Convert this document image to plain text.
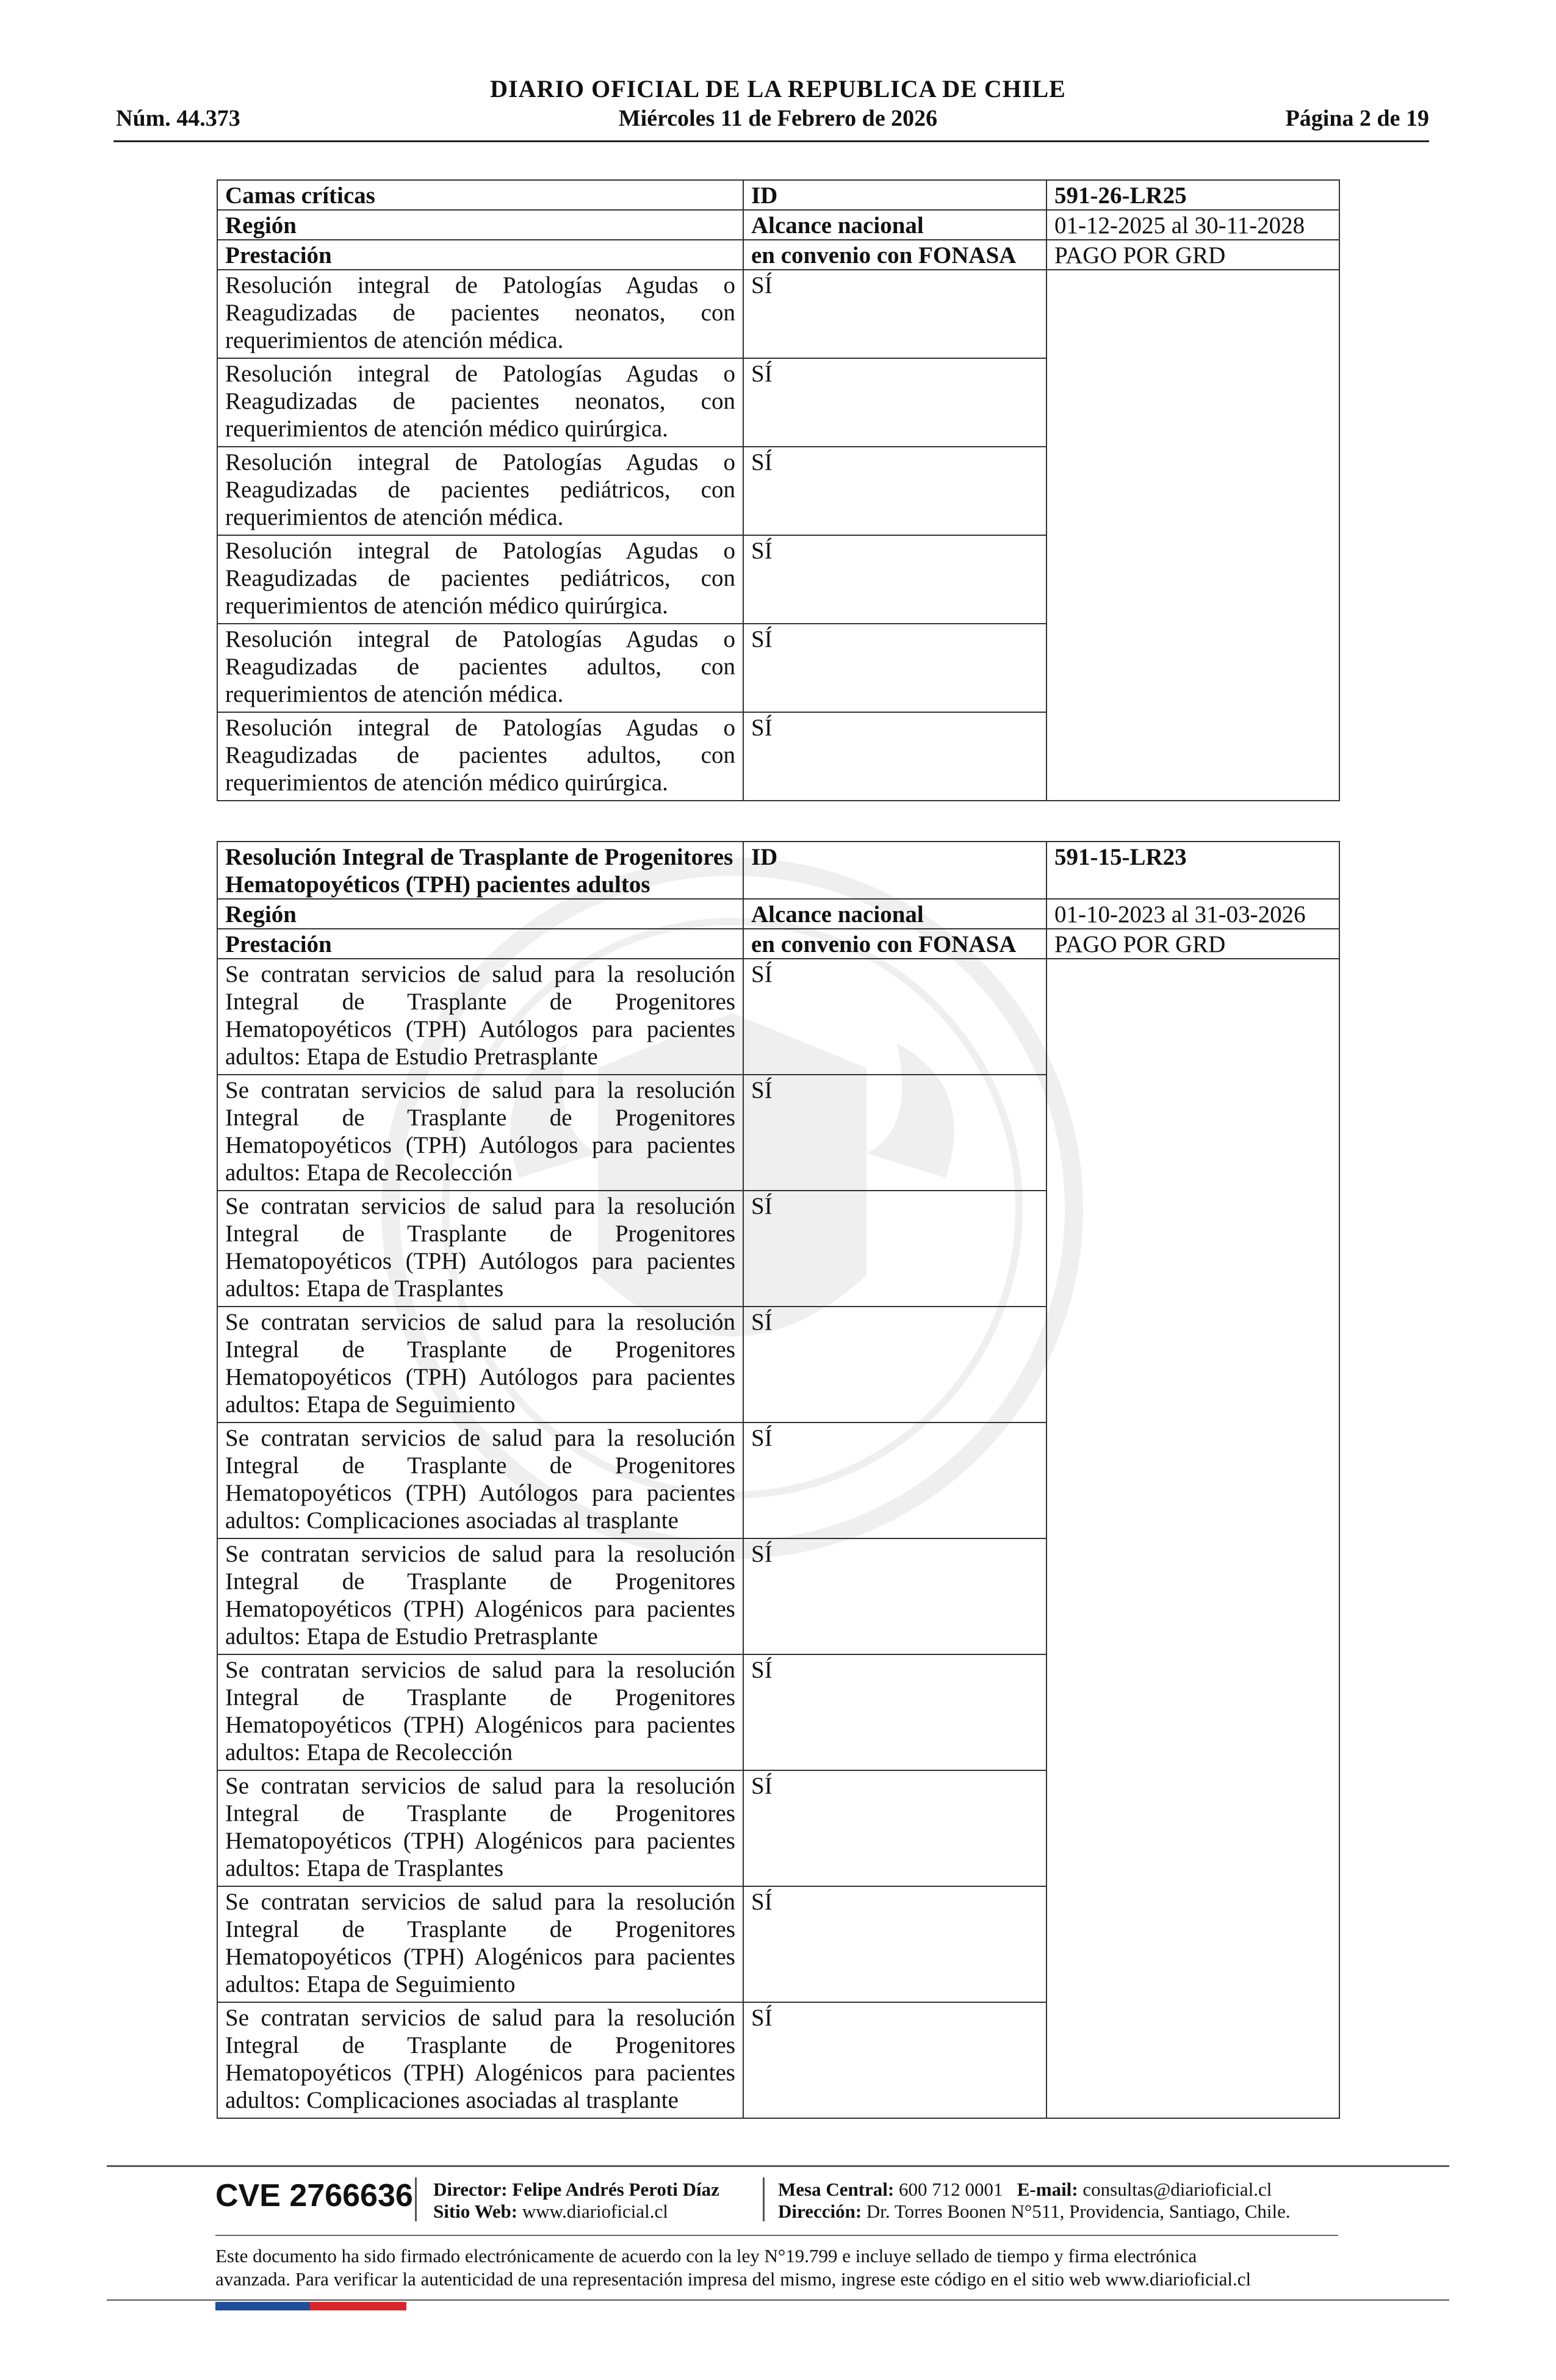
DIARIO OFICIAL DE LA REPUBLICA DE CHILE
Núm. 44.373	Miércoles 11 de Febrero de 2026	Página 2 de 19
Camas críticas	ID	591-26-LR25
Región	Alcance nacional	01-12-2025 al 30-11-2028
Prestación	en convenio con FONASA	PAGO POR GRD
Resolución integral de Patologías Agudas o Reagudizadas de pacientes neonatos, con requerimientos de atención médica.	SÍ	
Resolución integral de Patologías Agudas o Reagudizadas de pacientes neonatos, con requerimientos de atención médico quirúrgica.	SÍ	
Resolución integral de Patologías Agudas o Reagudizadas de pacientes pediátricos, con requerimientos de atención médica.	SÍ	
Resolución integral de Patologías Agudas o Reagudizadas de pacientes pediátricos, con requerimientos de atención médico quirúrgica.	SÍ	
Resolución integral de Patologías Agudas o Reagudizadas de pacientes adultos, con requerimientos de atención médica.	SÍ	
Resolución integral de Patologías Agudas o Reagudizadas de pacientes adultos, con requerimientos de atención médico quirúrgica.	SÍ	
Resolución Integral de Trasplante de Progenitores Hematopoyéticos (TPH) pacientes adultos	ID	591-15-LR23
Región	Alcance nacional	01-10-2023 al 31-03-2026
Prestación	en convenio con FONASA	PAGO POR GRD
Se contratan servicios de salud para la resolución Integral de Trasplante de Progenitores Hematopoyéticos (TPH) Autólogos para pacientes adultos: Etapa de Estudio Pretrasplante	SÍ	
Se contratan servicios de salud para la resolución Integral de Trasplante de Progenitores Hematopoyéticos (TPH) Autólogos para pacientes adultos: Etapa de Recolección	SÍ	
Se contratan servicios de salud para la resolución Integral de Trasplante de Progenitores Hematopoyéticos (TPH) Autólogos para pacientes adultos: Etapa de Trasplantes	SÍ	
Se contratan servicios de salud para la resolución Integral de Trasplante de Progenitores Hematopoyéticos (TPH) Autólogos para pacientes adultos: Etapa de Seguimiento	SÍ	
Se contratan servicios de salud para la resolución Integral de Trasplante de Progenitores Hematopoyéticos (TPH) Autólogos para pacientes adultos: Complicaciones asociadas al trasplante	SÍ	
Se contratan servicios de salud para la resolución Integral de Trasplante de Progenitores Hematopoyéticos (TPH) Alogénicos para pacientes adultos: Etapa de Estudio Pretrasplante	SÍ	
Se contratan servicios de salud para la resolución Integral de Trasplante de Progenitores Hematopoyéticos (TPH) Alogénicos para pacientes adultos: Etapa de Recolección	SÍ	
Se contratan servicios de salud para la resolución Integral de Trasplante de Progenitores Hematopoyéticos (TPH) Alogénicos para pacientes adultos: Etapa de Trasplantes	SÍ	
Se contratan servicios de salud para la resolución Integral de Trasplante de Progenitores Hematopoyéticos (TPH) Alogénicos para pacientes adultos: Etapa de Seguimiento	SÍ	
Se contratan servicios de salud para la resolución Integral de Trasplante de Progenitores Hematopoyéticos (TPH) Alogénicos para pacientes adultos: Complicaciones asociadas al trasplante	SÍ	
CVE 2766636 Director: Felipe Andrés Peroti Díaz
Sitio Web: www.diarioficial.cl
Mesa Central: 600 712 0001 E-mail: consultas@diarioficial.cl
Dirección: Dr. Torres Boonen N°511, Providencia, Santiago, Chile.
Este documento ha sido firmado electrónicamente de acuerdo con la ley N°19.799 e incluye sellado de tiempo y firma electrónica
avanzada. Para verificar la autenticidad de una representación impresa del mismo, ingrese este código en el sitio web www.diarioficial.cl
